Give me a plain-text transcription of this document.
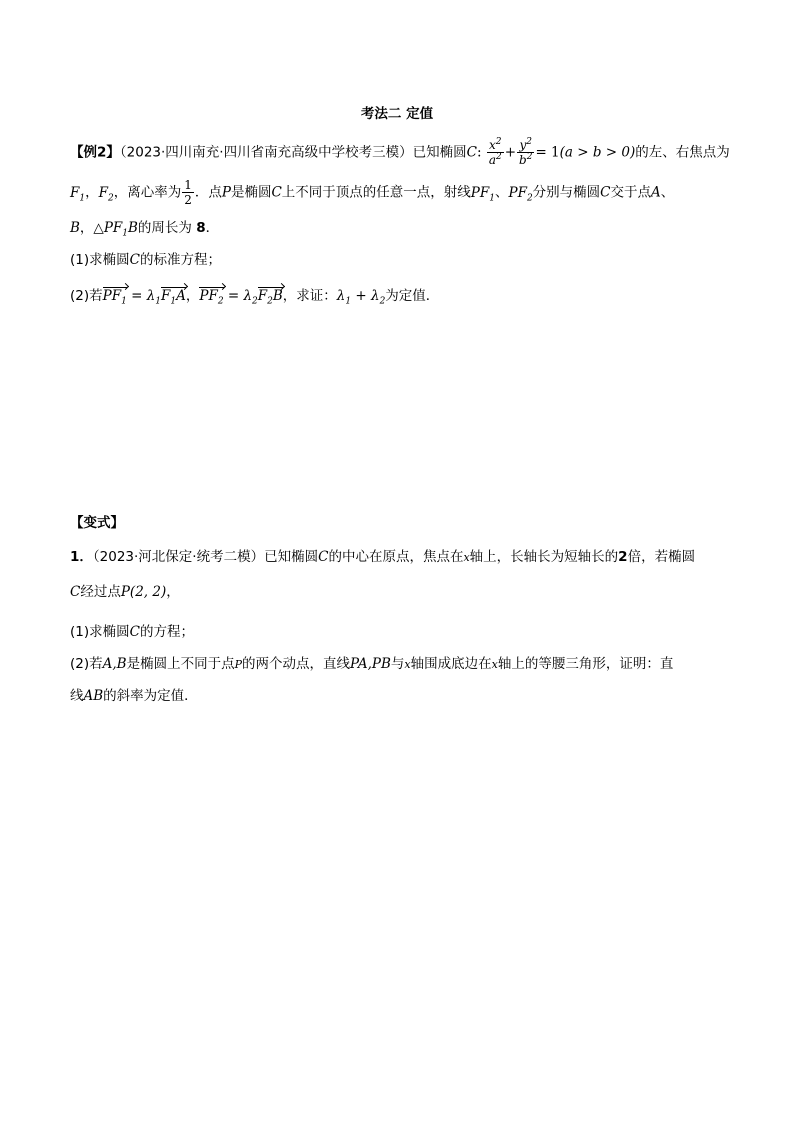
考法二 定值
【例2】（2023·四川南充·四川省南充高级中学校考三模）已知椭圆C: $\frac{x^2}{a^2} + \frac{y^2}{b^2} = 1(a > b > 0)$的左、右焦点为
$F_1$，$F_2$，离心率为 $\frac{1}{2}$ ．点P是椭圆C上不同于顶点的任意一点，射线$PF_1$、$PF_2$分别与椭圆C交于点A、
B，$\triangle PF_1B$的周长为 8．
(1)求椭圆C的标准方程；
(2)若$PF_1 = \lambda_1F_1A$，$PF_2 = \lambda_2F_2B$，求证：$\lambda_1 + \lambda_2$为定值．
【变式】
1．（2023·河北保定·统考二模）已知椭圆C的中心在原点，焦点在x轴上，长轴长为短轴长的2倍，若椭圆
C经过点P(2, 2)，
(1)求椭圆C的方程；
(2)若A,B是椭圆上不同于点P的两个动点，直线PA,PB与x轴围成底边在x轴上的等腰三角形，证明：直
线AB的斜率为定值．
